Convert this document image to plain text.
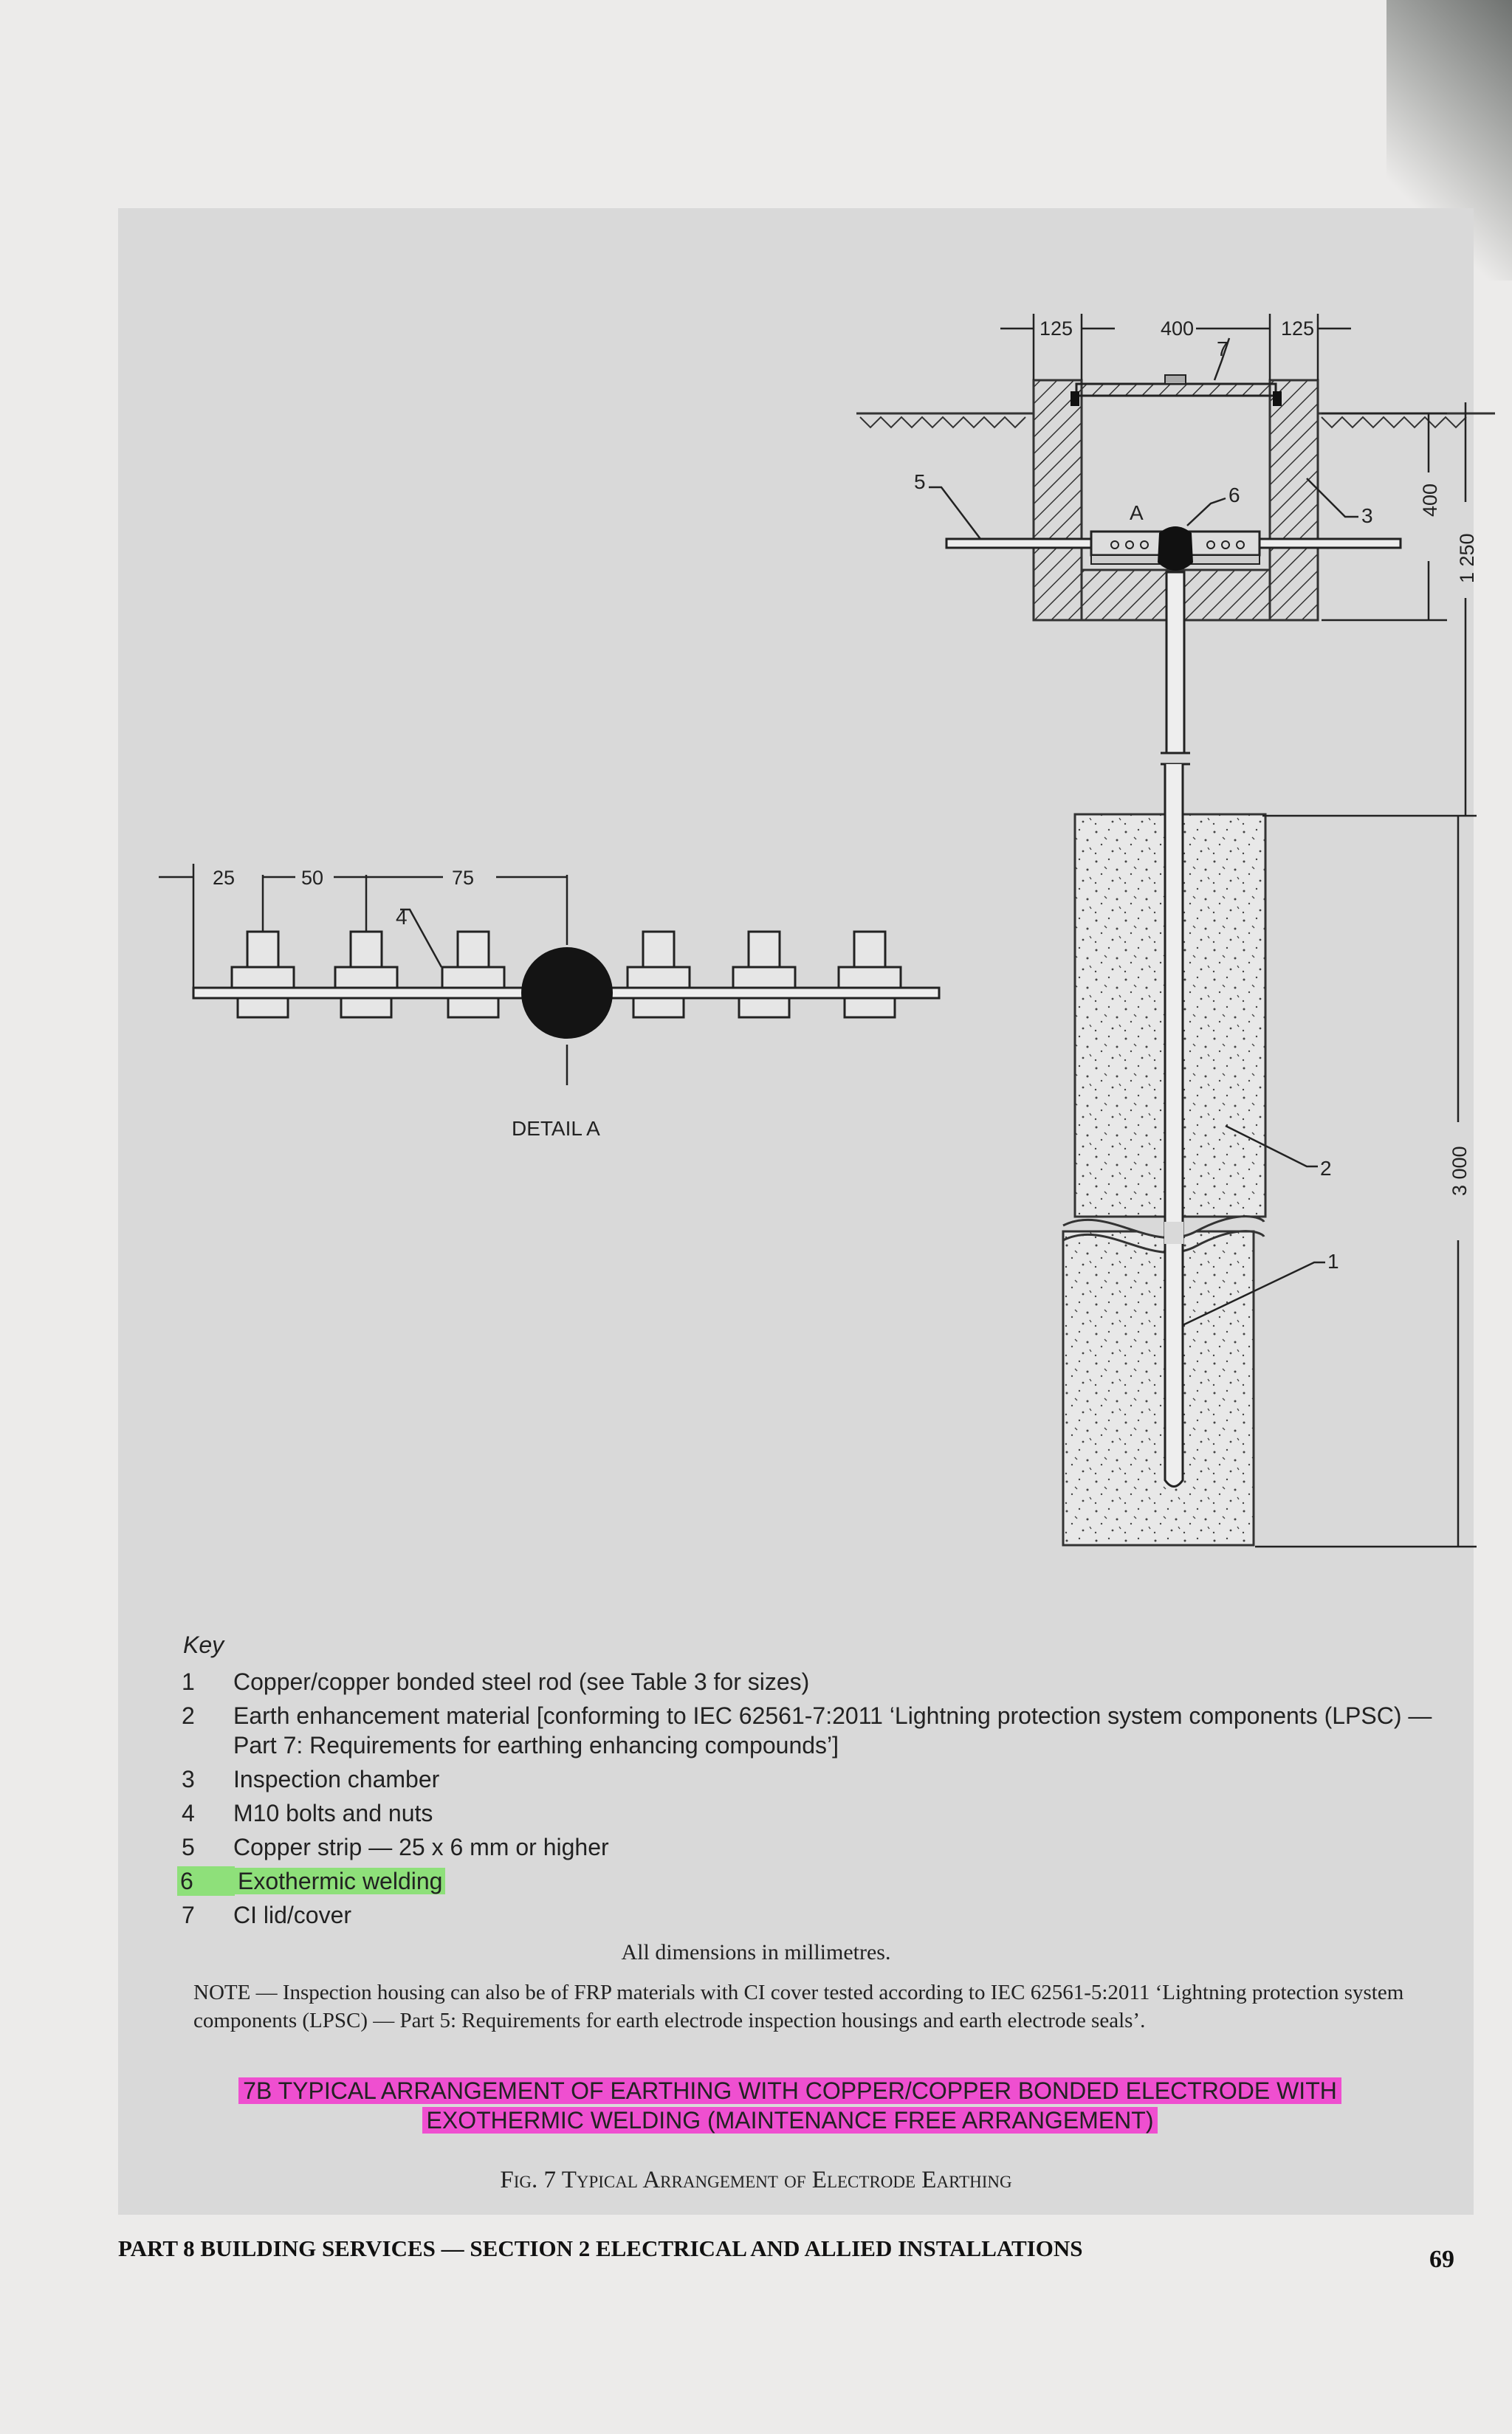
125	400	125
400
1 250
3 000
7
5
6
3
2
1
A
25	50	75
4
DETAIL A
Key
1	Copper/copper bonded steel rod (see Table 3 for sizes)
2	Earth enhancement material [conforming to IEC 62561-7:2011 ‘Lightning protection system components (LPSC) — Part 7: Requirements for earthing enhancing compounds’]
3	Inspection chamber
4	M10 bolts and nuts
5	Copper strip — 25 x 6 mm or higher
6	Exothermic welding
7	CI lid/cover
All dimensions in millimetres.
NOTE — Inspection housing can also be of FRP materials with CI cover tested according to IEC 62561-5:2011 ‘Lightning protection system components (LPSC) — Part 5: Requirements for earth electrode inspection housings and earth electrode seals’.
7B TYPICAL ARRANGEMENT OF EARTHING WITH COPPER/COPPER BONDED ELECTRODE WITH
EXOTHERMIC WELDING (MAINTENANCE FREE ARRANGEMENT)
Fig. 7 Typical Arrangement of Electrode Earthing
PART 8 BUILDING SERVICES — SECTION 2 ELECTRICAL AND ALLIED INSTALLATIONS	69
